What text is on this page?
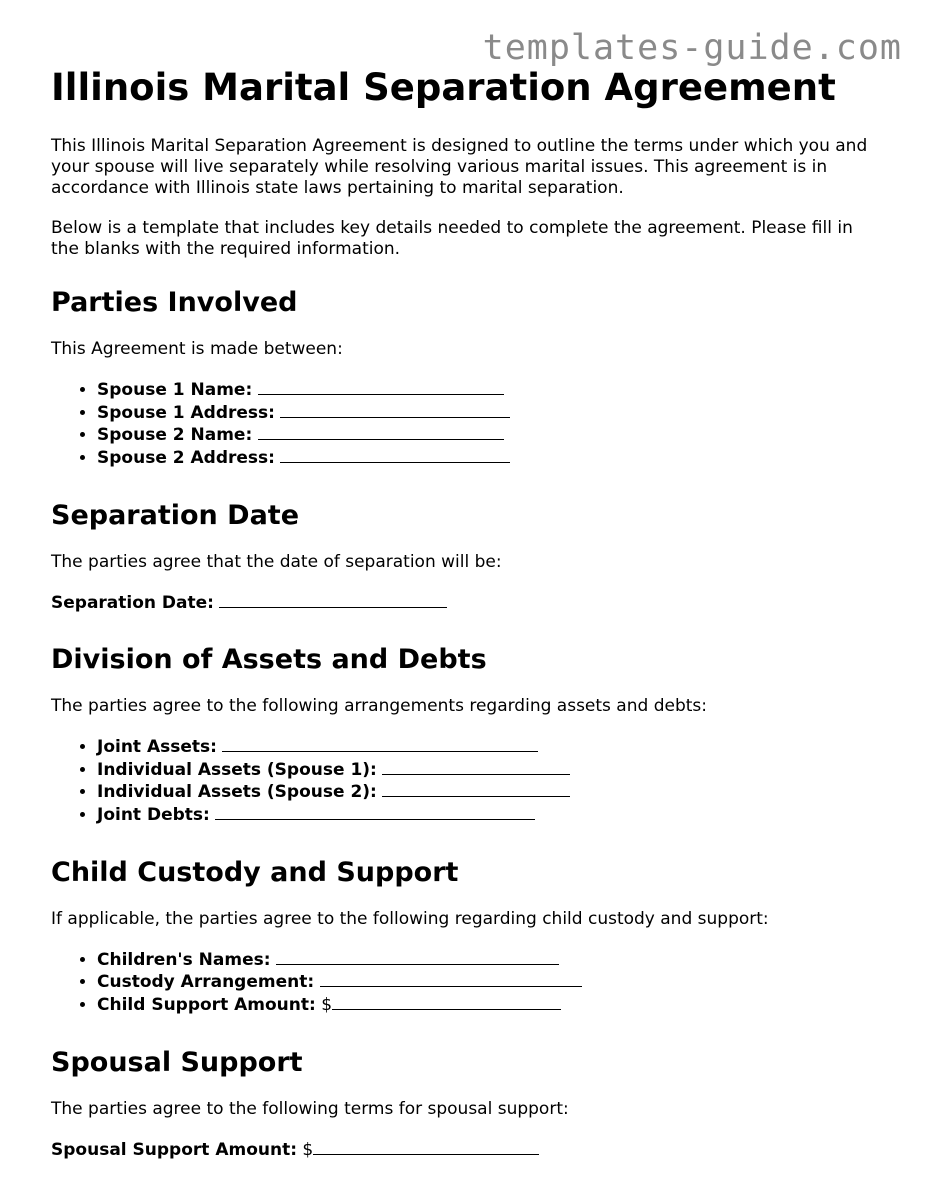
templates-guide.com
Illinois Marital Separation Agreement

This Illinois Marital Separation Agreement is designed to outline the terms under which you and your spouse will live separately while resolving various marital issues. This agreement is in accordance with Illinois state laws pertaining to marital separation.

Below is a template that includes key details needed to complete the agreement. Please fill in the blanks with the required information.

Parties Involved

This Agreement is made between:

• Spouse 1 Name:
• Spouse 1 Address:
• Spouse 2 Name:
• Spouse 2 Address:
Separation Date

The parties agree that the date of separation will be:

Separation Date:

Division of Assets and Debts

The parties agree to the following arrangements regarding assets and debts:

• Joint Assets:
• Individual Assets (Spouse 1):
• Individual Assets (Spouse 2):
• Joint Debts:
Child Custody and Support

If applicable, the parties agree to the following regarding child custody and support:

• Children's Names:
• Custody Arrangement:
• Child Support Amount: $
Spousal Support

The parties agree to the following terms for spousal support:

Spousal Support Amount: $
